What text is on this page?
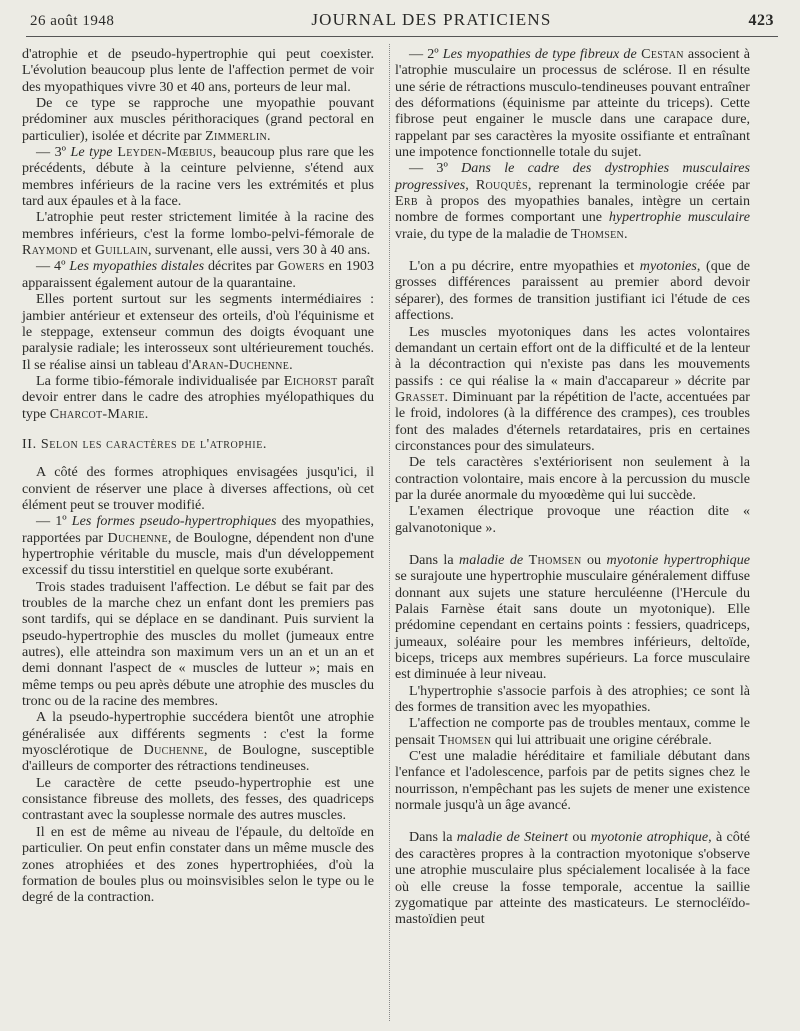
26 août 1948	JOURNAL DES PRATICIENS	423

d'atrophie et de pseudo-hypertrophie qui peut coexister. L'évolution beaucoup plus lente de l'affection permet de voir des myopathiques vivre 30 et 40 ans, porteurs de leur mal.

De ce type se rapproche une myopathie pouvant prédominer aux muscles périthoraciques (grand pectoral en particulier), isolée et décrite par Zimmerlin.

— 3º Le type Leyden-Mœbius, beaucoup plus rare que les précédents, débute à la ceinture pelvienne, s'étend aux membres inférieurs de la racine vers les extrémités et plus tard aux épaules et à la face.

L'atrophie peut rester strictement limitée à la racine des membres inférieurs, c'est la forme lombo-pelvi-fémorale de Raymond et Guillain, survenant, elle aussi, vers 30 à 40 ans.

— 4º Les myopathies distales décrites par Gowers en 1903 apparaissent également autour de la quarantaine.

Elles portent surtout sur les segments intermédiaires : jambier antérieur et extenseur des orteils, d'où l'équinisme et le steppage, extenseur commun des doigts évoquant une paralysie radiale; les interosseux sont ultérieurement touchés. Il se réalise ainsi un tableau d'Aran-Duchenne.

La forme tibio-fémorale individualisée par Eichorst paraît devoir entrer dans le cadre des atrophies myélopathiques du type Charcot-Marie.

II. Selon les caractères de l'atrophie.

A côté des formes atrophiques envisagées jusqu'ici, il convient de réserver une place à diverses affections, où cet élément peut se trouver modifié.

— 1º Les formes pseudo-hypertrophiques des myopathies, rapportées par Duchenne, de Boulogne, dépendent non d'une hypertrophie véritable du muscle, mais d'un développement excessif du tissu interstitiel en quelque sorte exubérant.

Trois stades traduisent l'affection. Le début se fait par des troubles de la marche chez un enfant dont les premiers pas sont tardifs, qui se déplace en se dandinant. Puis survient la pseudo-hypertrophie des muscles du mollet (jumeaux entre autres), elle atteindra son maximum vers un an et un an et demi donnant l'aspect de « muscles de lutteur »; mais en même temps ou peu après débute une atrophie des muscles du tronc ou de la racine des membres.

A la pseudo-hypertrophie succédera bientôt une atrophie généralisée aux différents segments : c'est la forme myosclérotique de Duchenne, de Boulogne, susceptible d'ailleurs de comporter des rétractions tendineuses.

Le caractère de cette pseudo-hypertrophie est une consistance fibreuse des mollets, des fesses, des quadriceps contrastant avec la souplesse normale des autres muscles.

Il en est de même au niveau de l'épaule, du deltoïde en particulier. On peut enfin constater dans un même muscle des zones atrophiées et des zones hypertrophiées, d'où la formation de boules plus ou moinsvisibles selon le type ou le degré de la contraction.

— 2º Les myopathies de type fibreux de Cestan associent à l'atrophie musculaire un processus de sclérose. Il en résulte une série de rétractions musculo-tendineuses pouvant entraîner des déformations (équinisme par atteinte du triceps). Cette fibrose peut engainer le muscle dans une carapace dure, rappelant par ses caractères la myosite ossifiante et entraînant une impotence fonctionnelle totale du sujet.

— 3º Dans le cadre des dystrophies musculaires progressives, Rouquès, reprenant la terminologie créée par Erb à propos des myopathies banales, intègre un certain nombre de formes comportant une hypertrophie musculaire vraie, du type de la maladie de Thomsen.

L'on a pu décrire, entre myopathies et myotonies, (que de grosses différences paraissent au premier abord devoir séparer), des formes de transition justifiant ici l'étude de ces affections.

Les muscles myotoniques dans les actes volontaires demandant un certain effort ont de la difficulté et de la lenteur à la décontraction qui n'existe pas dans les mouvements passifs : ce qui réalise la « main d'accapareur » décrite par Grasset. Diminuant par la répétition de l'acte, accentuées par le froid, indolores (à la différence des crampes), ces troubles font des malades d'éternels retardataires, pris en certaines circonstances pour des simulateurs.

De tels caractères s'extériorisent non seulement à la contraction volontaire, mais encore à la percussion du muscle par la durée anormale du myoœdème qui lui succède.

L'examen électrique provoque une réaction dite « galvanotonique ».

Dans la maladie de Thomsen ou myotonie hypertrophique se surajoute une hypertrophie musculaire généralement diffuse donnant aux sujets une stature herculéenne (l'Hercule du Palais Farnèse était sans doute un myotonique). Elle prédomine cependant en certains points : fessiers, quadriceps, jumeaux, soléaire pour les membres inférieurs, deltoïde, biceps, triceps aux membres supérieurs. La force musculaire est diminuée à leur niveau.

L'hypertrophie s'associe parfois à des atrophies; ce sont là des formes de transition avec les myopathies.

L'affection ne comporte pas de troubles mentaux, comme le pensait Thomsen qui lui attribuait une origine cérébrale.

C'est une maladie héréditaire et familiale débutant dans l'enfance et l'adolescence, parfois par de petits signes chez le nourrisson, n'empêchant pas les sujets de mener une existence normale jusqu'à un âge avancé.

Dans la maladie de Steinert ou myotonie atrophique, à côté des caractères propres à la contraction myotonique s'observe une atrophie musculaire plus spécialement localisée à la face où elle creuse la fosse temporale, accentue la saillie zygomatique par atteinte des masticateurs. Le sternocléïdo-mastoïdien peut
